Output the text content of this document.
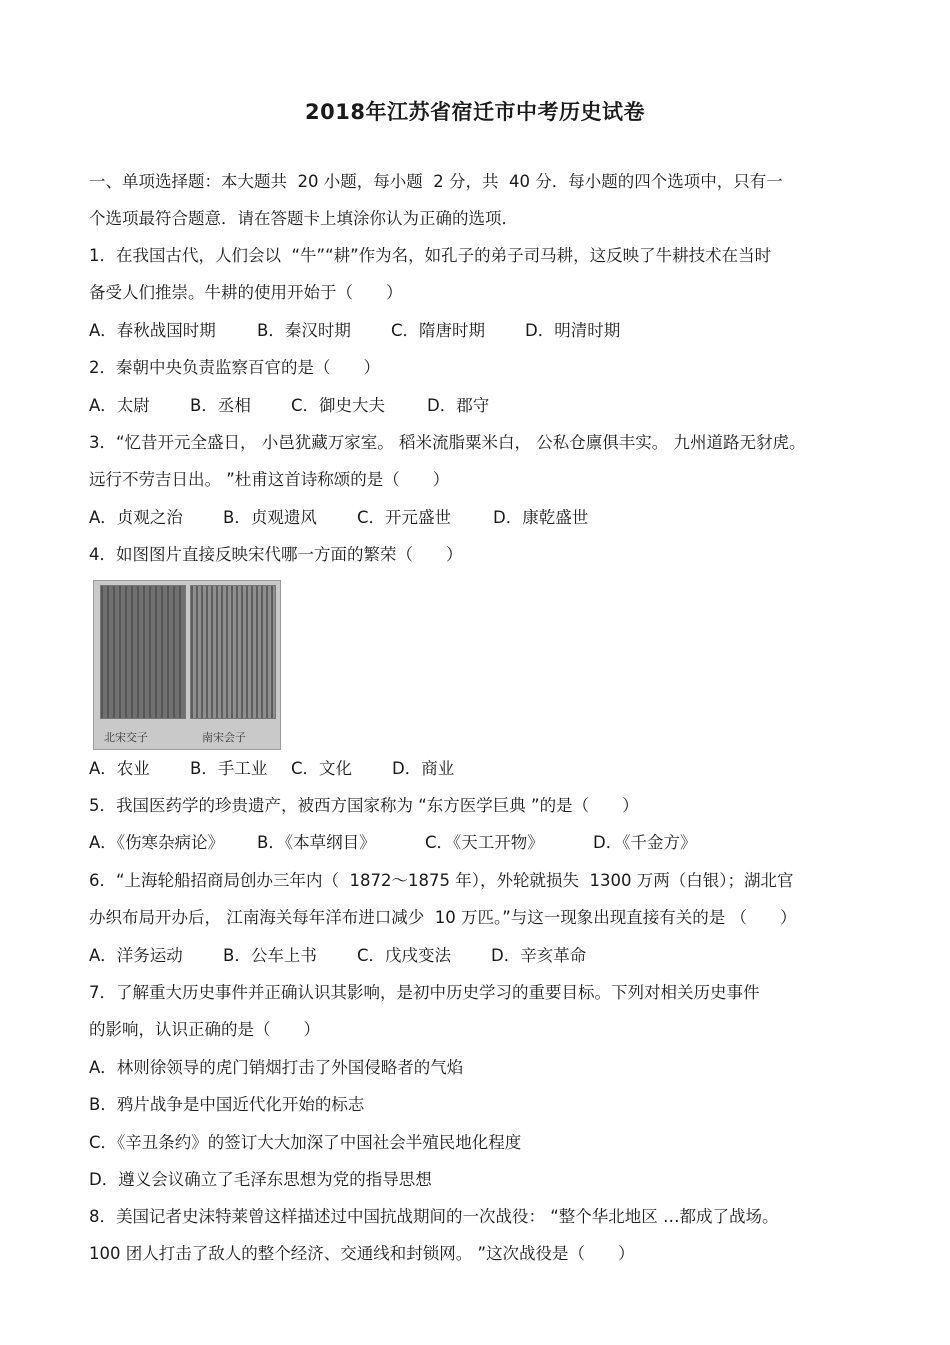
2018年江苏省宿迁市中考历史试卷
一、单项选择题：本大题共  20 小题，每小题  2 分，共  40 分．每小题的四个选项中，只有一
个选项最符合题意．请在答题卡上填涂你认为正确的选项．
1．在我国古代，人们会以  “牛”“耕”作为名，如孔子的弟子司马耕，这反映了牛耕技术在当时
备受人们推崇。牛耕的使用开始于（　　）
A．春秋战国时期 B．秦汉时期 C．隋唐时期 D．明清时期
2．秦朝中央负责监察百官的是（　　）
A．太尉 B．丞相 C．御史大夫	D．郡守
3．“忆昔开元全盛日， 小邑犹藏万家室。 稻米流脂粟米白， 公私仓廪俱丰实。 九州道路无豺虎。
远行不劳吉日出。 ”杜甫这首诗称颂的是（　　）
A．贞观之治 B．贞观遗风 C．开元盛世	D．康乾盛世
4．如图图片直接反映宋代哪一方面的繁荣（　　）
北宋交子	南宋会子
A．农业 B．手工业 C．文化 D．商业
5．我国医药学的珍贵遗产，被西方国家称为 “东方医学巨典 ”的是（　　）
A．《伤寒杂病论》 B．《本草纲目》	C．《天工开物》	D．《千金方》
6．“上海轮船招商局创办三年内（  1872～1875 年），外轮就损失  1300 万两（白银）；湖北官
办织布局开办后， 江南海关每年洋布进口减少  10 万匹。”与这一现象出现直接有关的是 （　　）
A．洋务运动 B．公车上书 C．戊戌变法 D．辛亥革命
7．了解重大历史事件并正确认识其影响，是初中历史学习的重要目标。下列对相关历史事件
的影响，认识正确的是（　　）
A．林则徐领导的虎门销烟打击了外国侵略者的气焰
B．鸦片战争是中国近代化开始的标志
C．《辛丑条约》的签订大大加深了中国社会半殖民地化程度
D．遵义会议确立了毛泽东思想为党的指导思想
8．美国记者史沫特莱曾这样描述过中国抗战期间的一次战役： “整个华北地区 …都成了战场。
100 团人打击了敌人的整个经济、交通线和封锁网。 ”这次战役是（　　）
